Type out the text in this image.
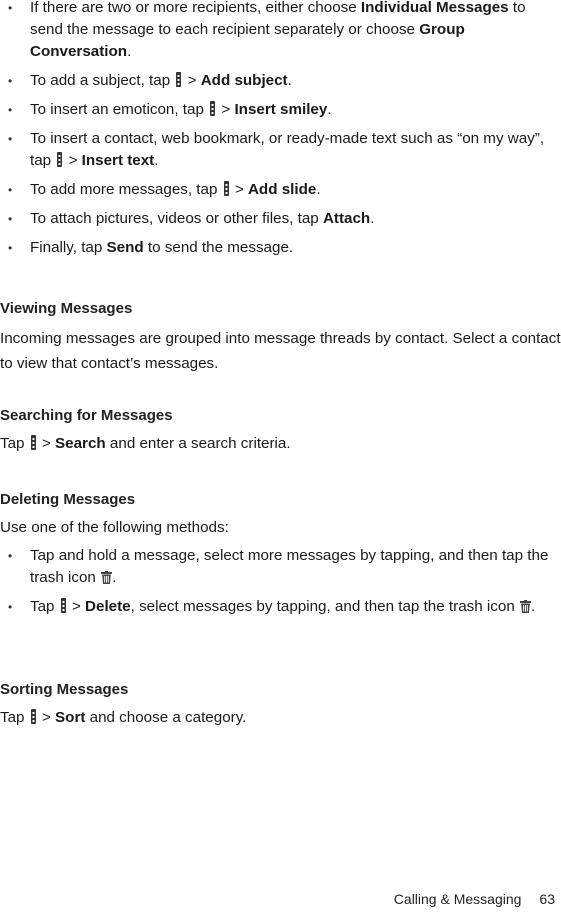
• If there are two or more recipients, either choose Individual Messages to send the message to each recipient separately or choose Group Conversation.
• To add a subject, tap  > Add subject.
• To insert an emoticon, tap  > Insert smiley.
• To insert a contact, web bookmark, or ready-made text such as “on my way”, tap  > Insert text.
• To add more messages, tap  > Add slide.
• To attach pictures, videos or other files, tap Attach.
• Finally, tap Send to send the message.
Viewing Messages

Incoming messages are grouped into message threads by contact. Select a contact to view that contact’s messages.

Searching for Messages

Tap  > Search and enter a search criteria.

Deleting Messages

Use one of the following methods:

• Tap and hold a message, select more messages by tapping, and then tap the trash icon .
• Tap  > Delete, select messages by tapping, and then tap the trash icon .
Sorting Messages

Tap  > Sort and choose a category.

Calling & Messaging 63
